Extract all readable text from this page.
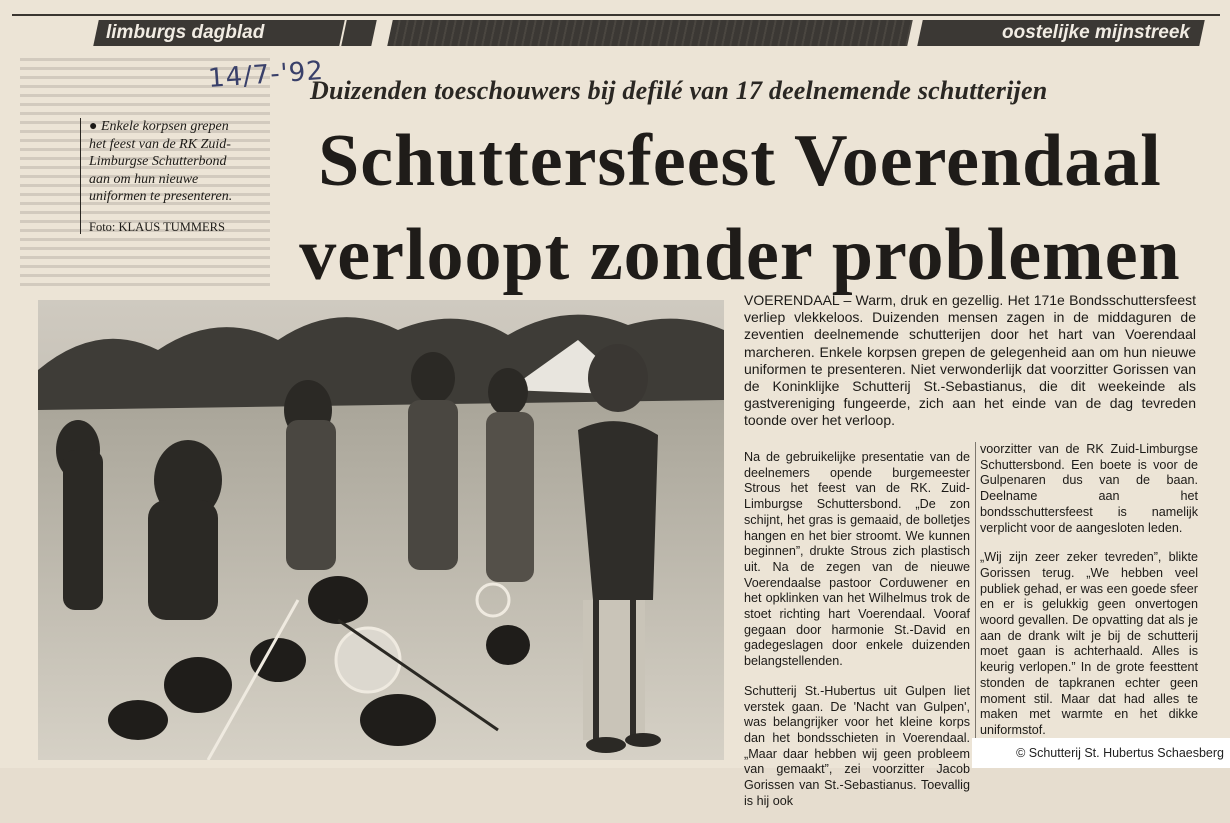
limburgs dagblad	oostelijke mijnstreek
14/7-'92
Duizenden toeschouwers bij defilé van 17 deelnemende schutterijen
● Enkele korpsen grepen het feest van de RK Zuid-Limburgse Schutterbond aan om hun nieuwe uniformen te presenteren.
Foto: KLAUS TUMMERS
Schuttersfeest Voerendaal
verloopt zonder problemen
VOERENDAAL – Warm, druk en gezellig. Het 171e Bondsschuttersfeest verliep vlekkeloos. Duizenden mensen zagen in de middaguren de zeventien deelnemende schutterijen door het hart van Voerendaal marcheren. Enkele korpsen grepen de gelegenheid aan om hun nieuwe uniformen te presenteren. Niet verwonderlijk dat voorzitter Gorissen van de Koninklijke Schutterij St.-Sebastianus, die dit weekeinde als gastvereniging fungeerde, zich aan het einde van de dag tevreden toonde over het verloop.

Na de gebruikelijke presentatie van de deelnemers opende burgemeester Strous het feest van de RK. Zuid-Limburgse Schuttersbond. „De zon schijnt, het gras is gemaaid, de bolletjes hangen en het bier stroomt. We kunnen beginnen”, drukte Strous zich plastisch uit. Na de zegen van de nieuwe Voerendaalse pastoor Corduwener en het opklinken van het Wilhelmus trok de stoet richting hart Voerendaal. Vooraf gegaan door harmonie St.-David en gadegeslagen door enkele duizenden belangstellenden.

Schutterij St.-Hubertus uit Gulpen liet verstek gaan. De 'Nacht van Gulpen', was belangrijker voor het kleine korps dan het bondsschieten in Voerendaal. „Maar daar hebben wij geen probleem van gemaakt”, zei voorzitter Jacob Gorissen van St.-Sebastianus. Toevallig is hij ook

voorzitter van de RK Zuid-Limburgse Schuttersbond. Een boete is voor de Gulpenaren dus van de baan. Deelname aan het bondsschuttersfeest is namelijk verplicht voor de aangesloten leden.

„Wij zijn zeer zeker tevreden”, blikte Gorissen terug. „We hebben veel publiek gehad, er was een goede sfeer en er is gelukkig geen onvertogen woord gevallen. De opvatting dat als je aan de drank wilt je bij de schutterij moet gaan is achterhaald. Alles is keurig verlopen.” In de grote feesttent stonden de tapkranen echter geen moment stil. Maar dat had alles te maken met warmte en het dikke uniformstof.

© Schutterij St. Hubertus Schaesberg
